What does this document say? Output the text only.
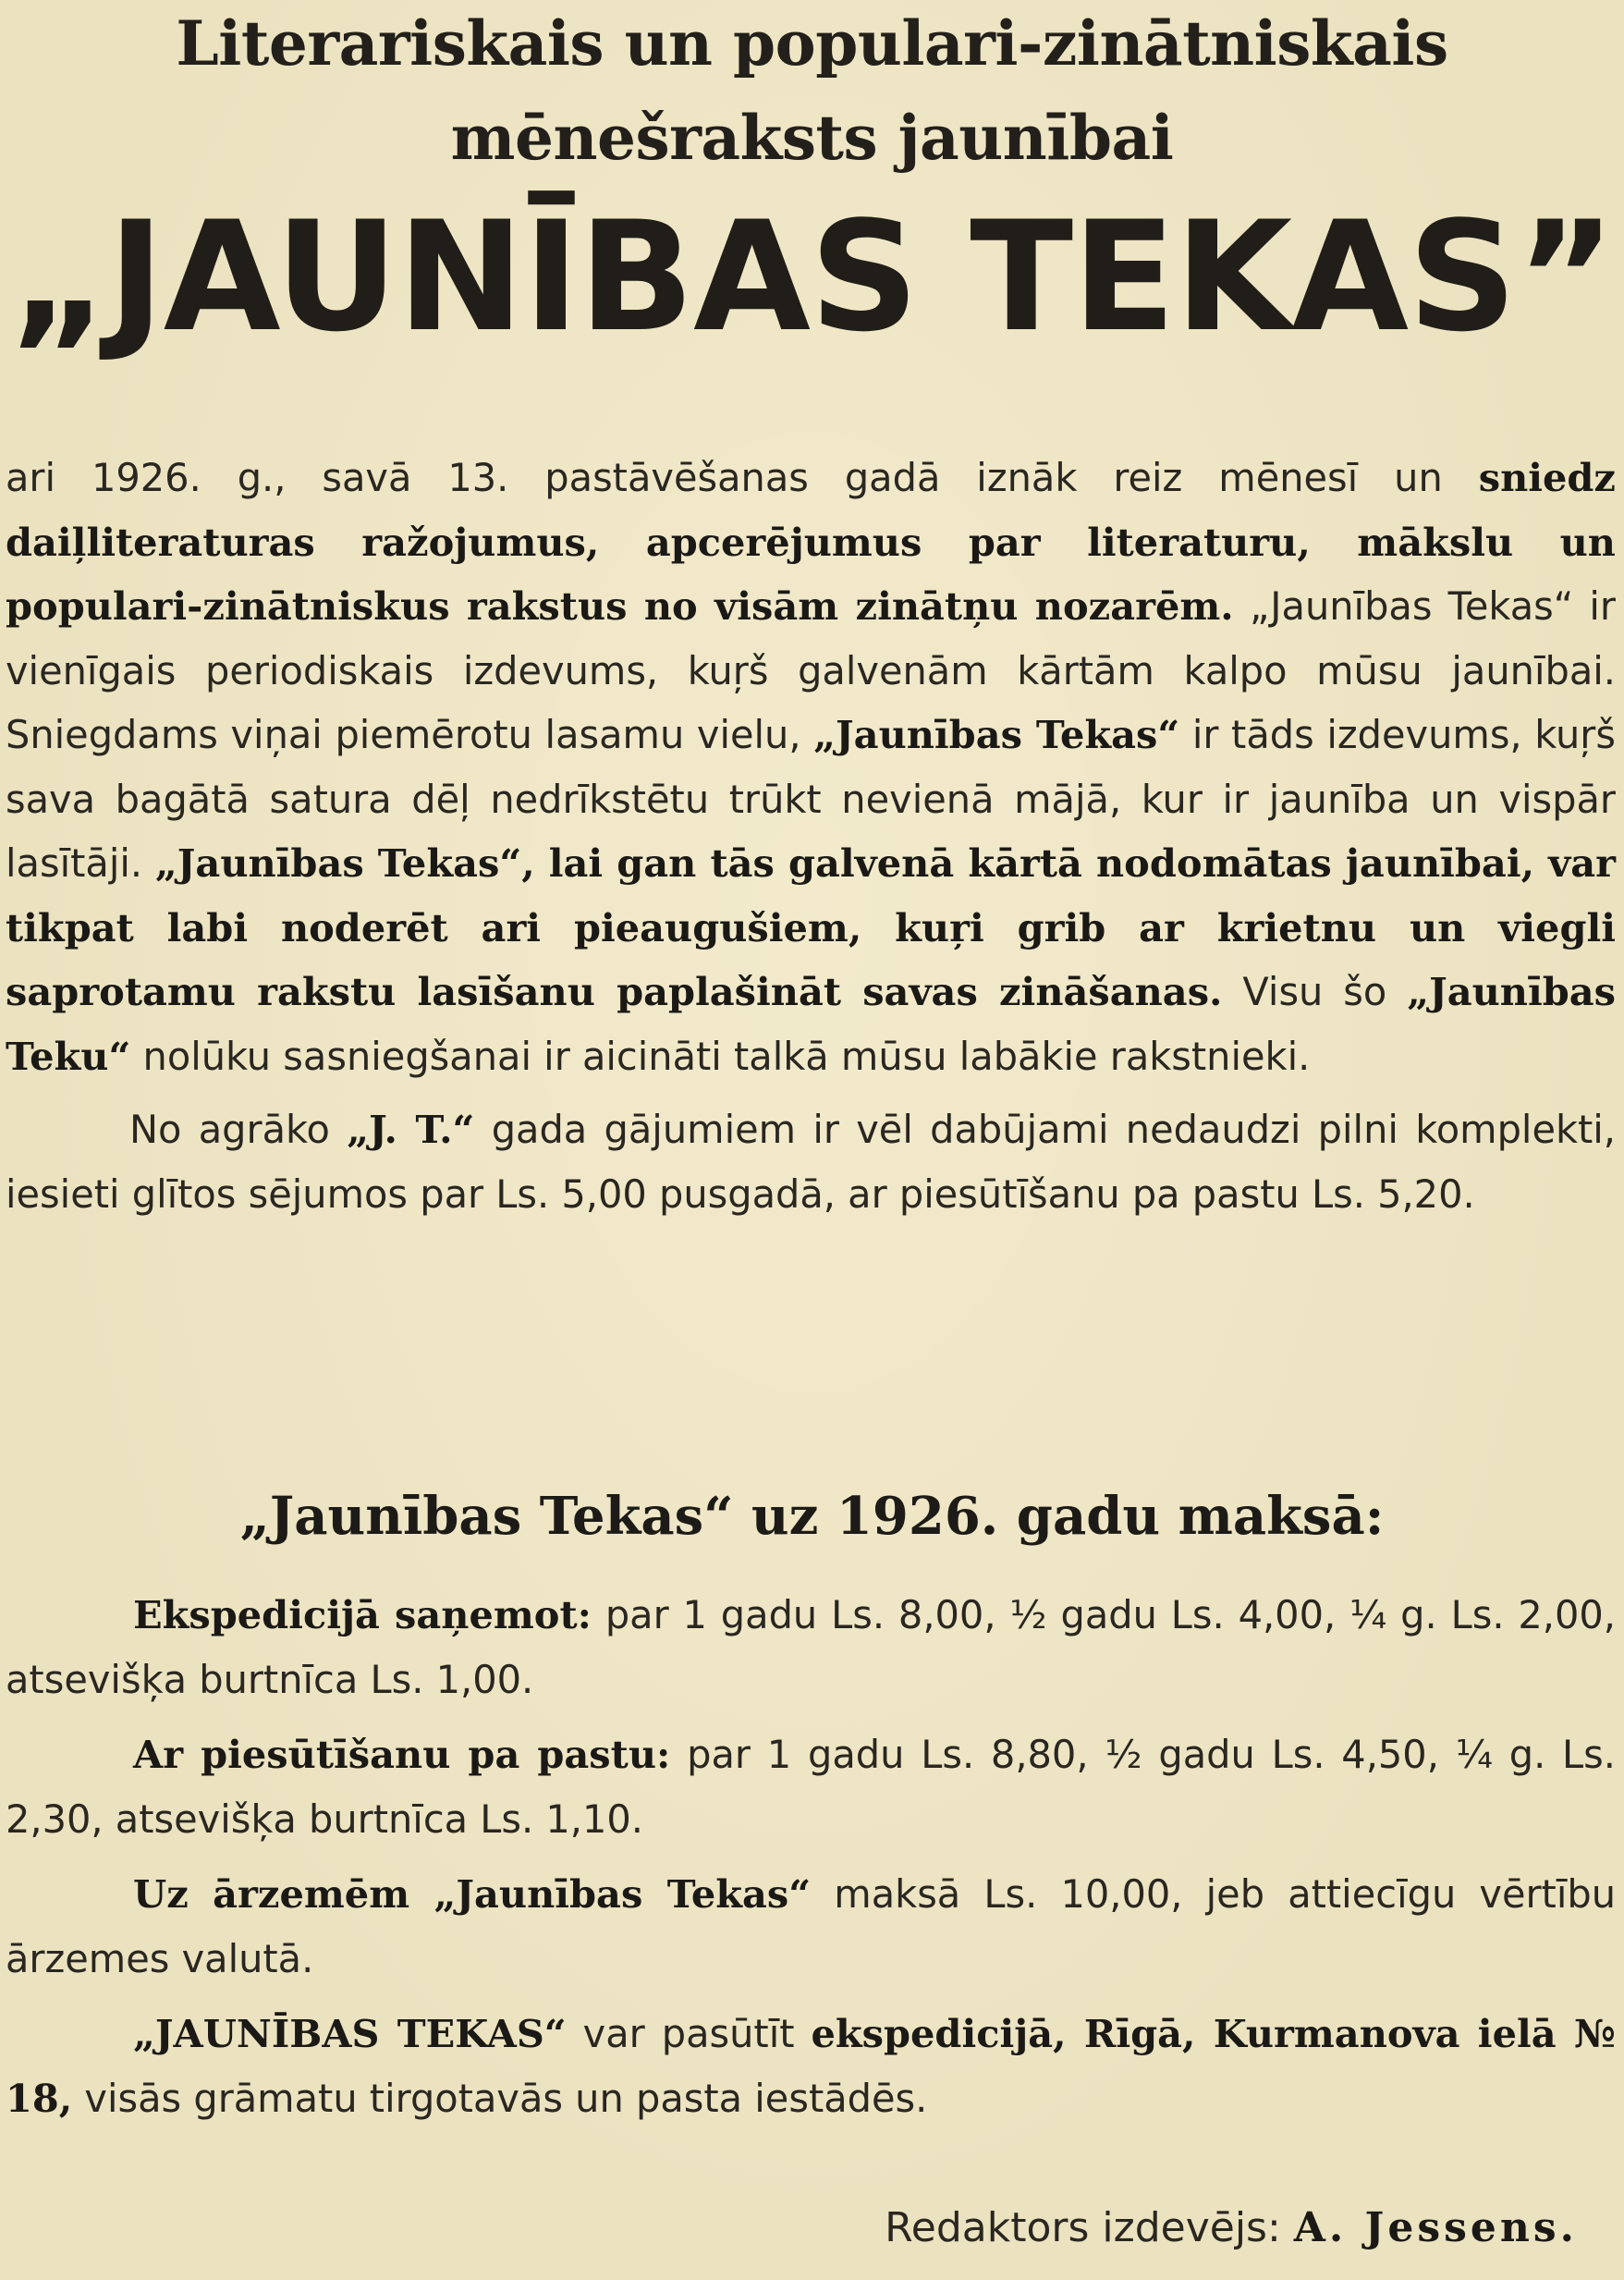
Literariskais un populari-zinātniskais
mēnešraksts jaunībai
„JAUNĪBAS TEKAS”

ari 1926. g., savā 13. pastāvēšanas gadā iznāk reiz mēnesī un sniedz daiļliteraturas ražojumus, apcerējumus par literaturu, mākslu un populari-zinātniskus rakstus no visām zinātņu nozarēm. „Jaunības Tekas“ ir vienīgais periodiskais izdevums, kuŗš galvenām kārtām kalpo mūsu jaunībai. Sniegdams viņai piemērotu lasamu vielu, „Jaunības Tekas“ ir tāds izdevums, kuŗš sava bagātā satura dēļ nedrīkstētu trūkt nevienā mājā, kur ir jaunība un vispār lasītāji. „Jaunības Tekas“, lai gan tās galvenā kārtā nodomātas jaunībai, var tikpat labi noderēt ari pieaugušiem, kuŗi grib ar krietnu un viegli saprotamu rakstu lasīšanu paplašināt savas zināšanas. Visu šo „Jaunības Teku“ nolūku sasniegšanai ir aicināti talkā mūsu labākie rakstnieki.

No agrāko „J. T.“ gada gājumiem ir vēl dabūjami nedaudzi pilni komplekti, iesieti glītos sējumos par Ls. 5,00 pusgadā, ar piesūtīšanu pa pastu Ls. 5,20.

„Jaunības Tekas“ uz 1926. gadu maksā:

Ekspedicijā saņemot: par 1 gadu Ls. 8,00, ½ gadu Ls. 4,00, ¼ g. Ls. 2,00, atsevišķa burtnīca Ls. 1,00.

Ar piesūtīšanu pa pastu: par 1 gadu Ls. 8,80, ½ gadu Ls. 4,50, ¼ g. Ls. 2,30, atsevišķa burtnīca Ls. 1,10.

Uz ārzemēm „Jaunības Tekas“ maksā Ls. 10,00, jeb attiecīgu vērtību ārzemes valutā.

„JAUNĪBAS TEKAS“ var pasūtīt ekspedicijā, Rīgā, Kurmanova ielā № 18, visās grāmatu tirgotavās un pasta iestādēs.

Redaktors izdevējs: A. Jessens.
